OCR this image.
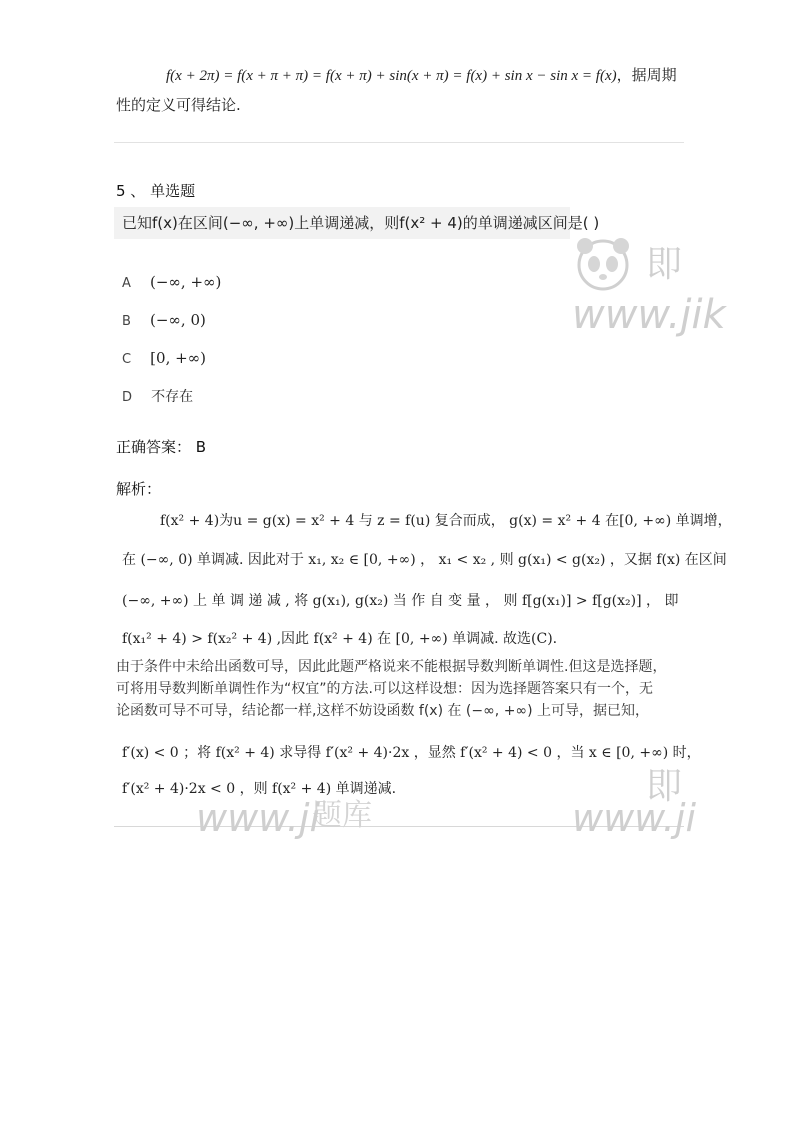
f(x + 2π) = f(x + π + π) = f(x + π) + sin(x + π) = f(x) + sin x − sin x = f(x)，据周期
性的定义可得结论.
5 、 单选题
已知f(x)在区间(−∞, +∞)上单调递减，则f(x² + 4)的单调递减区间是( )
A (−∞, +∞)
B (−∞, 0)
C [0, +∞)
D 不存在
正确答案： B
解析：
f(x² + 4)为u = g(x) = x² + 4 与 z = f(u) 复合而成， g(x) = x² + 4 在[0, +∞) 单调增，
在 (−∞, 0) 单调减. 因此对于 x₁, x₂ ∈ [0, +∞) ， x₁ < x₂ , 则 g(x₁) < g(x₂) ，又据 f(x) 在区间
(−∞, +∞) 上 单 调 递 减 , 将 g(x₁), g(x₂) 当 作 自 变 量 ， 则 f[g(x₁)] > f[g(x₂)] ， 即
f(x₁² + 4) > f(x₂² + 4) ,因此 f(x² + 4) 在 [0, +∞) 单调减. 故选(C).
由于条件中未给出函数可导，因此此题严格说来不能根据导数判断单调性.但这是选择题，
可将用导数判断单调性作为“权宜”的方法.可以这样设想：因为选择题答案只有一个，无
论函数可导不可导，结论都一样,这样不妨设函数 f(x) 在 (−∞, +∞) 上可导，据已知，
f′(x) < 0 ；将 f(x² + 4) 求导得 f′(x² + 4)·2x ，显然 f′(x² + 4) < 0 ，当 x ∈ [0, +∞) 时，
f′(x² + 4)·2x < 0 ，则 f(x² + 4) 单调递减.
即
www.jik
即
题库
www.ji	www.ji
